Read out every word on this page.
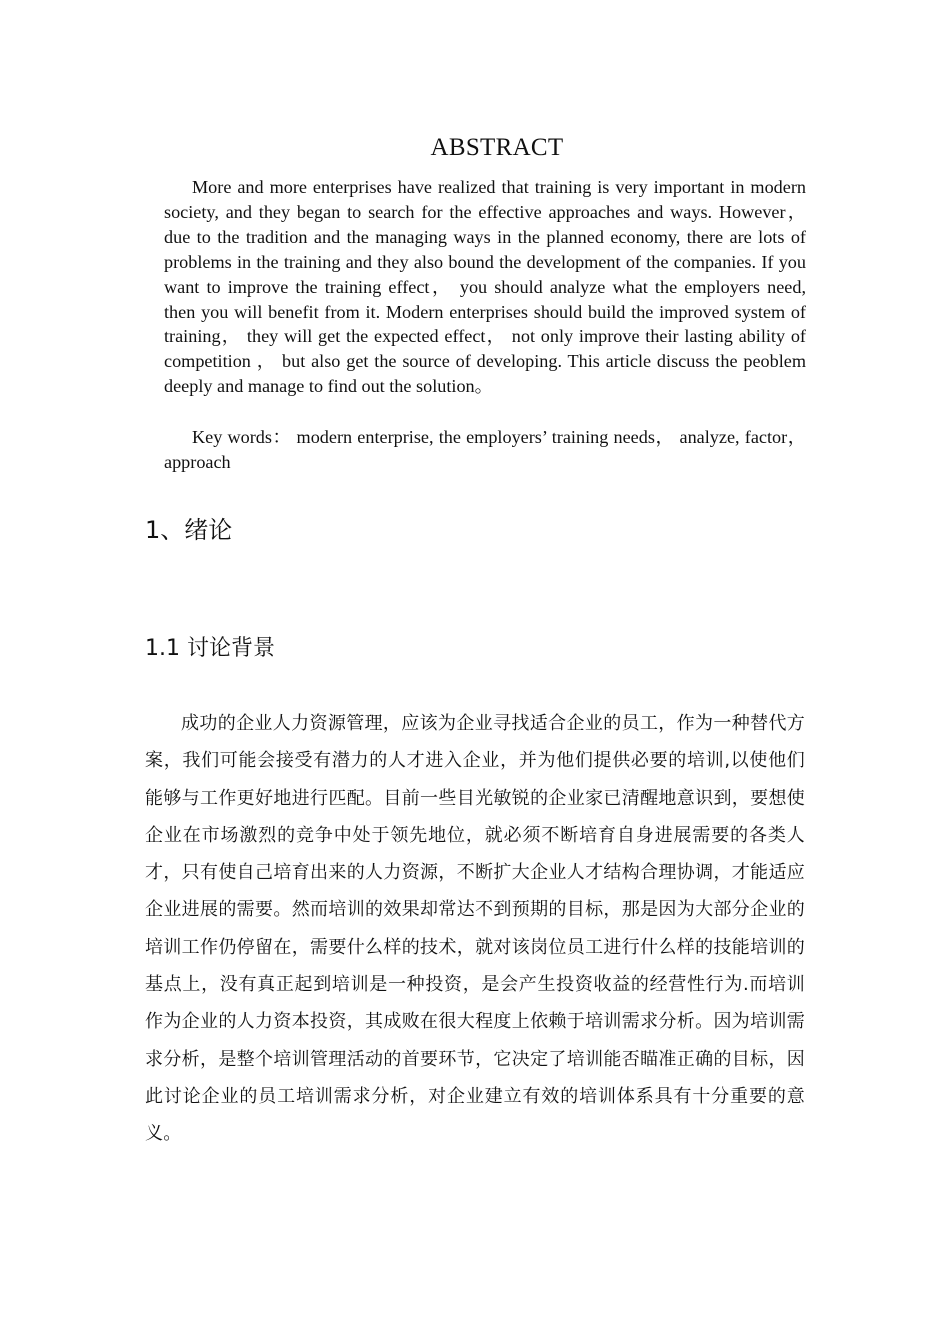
ABSTRACT

More and more enterprises have realized that training is very important in modern society, and they began to search for the effective approaches and ways. However， due to the tradition and the managing ways in the planned economy, there are lots of problems in the training and they also bound the development of the companies. If you want to improve the training effect， you should analyze what the employers need, then you will benefit from it. Modern enterprises should build the improved system of training， they will get the expected effect， not only improve their lasting ability of competition ， but also get the source of developing. This article discuss the peoblem deeply and manage to find out the solution。

Key words： modern enterprise, the employers’ training needs， analyze, factor， approach

1、绪论
1.1 讨论背景

成功的企业人力资源管理，应该为企业寻找适合企业的员工，作为一种替代方案，我们可能会接受有潜力的人才进入企业，并为他们提供必要的培训,以使他们能够与工作更好地进行匹配。目前一些目光敏锐的企业家已清醒地意识到，要想使企业在市场激烈的竞争中处于领先地位，就必须不断培育自身进展需要的各类人才，只有使自己培育出来的人力资源，不断扩大企业人才结构合理协调，才能适应企业进展的需要。然而培训的效果却常达不到预期的目标，那是因为大部分企业的培训工作仍停留在，需要什么样的技术，就对该岗位员工进行什么样的技能培训的基点上，没有真正起到培训是一种投资，是会产生投资收益的经营性行为.而培训作为企业的人力资本投资，其成败在很大程度上依赖于培训需求分析。因为培训需求分析，是整个培训管理活动的首要环节，它决定了培训能否瞄准正确的目标，因此讨论企业的员工培训需求分析，对企业建立有效的培训体系具有十分重要的意义。
